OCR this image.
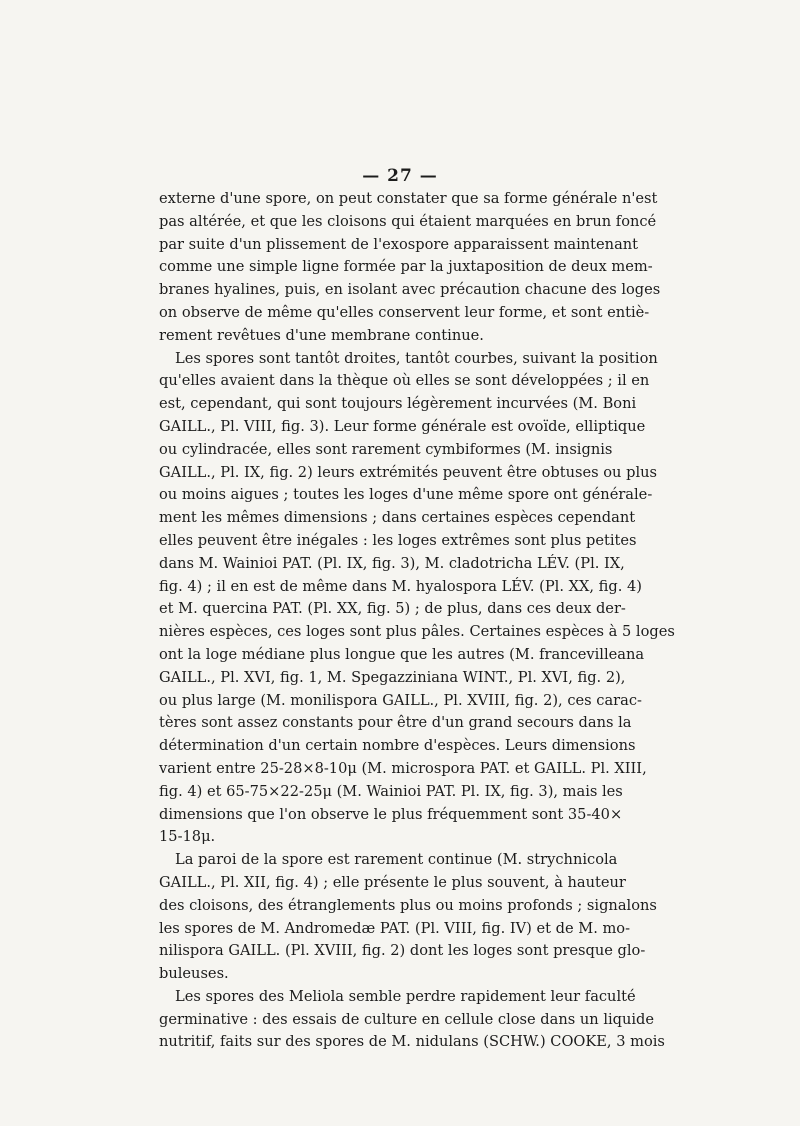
— 27 —
externe d'une spore, on peut constater que sa forme générale n'est
pas altérée, et que les cloisons qui étaient marquées en brun foncé
par suite d'un plissement de l'exospore apparaissent maintenant
comme une simple ligne formée par la juxtaposition de deux mem-
branes hyalines, puis, en isolant avec précaution chacune des loges
on observe de même qu'elles conservent leur forme, et sont entiè-
rement revêtues d'une membrane continue.
Les spores sont tantôt droites, tantôt courbes, suivant la position
qu'elles avaient dans la thèque où elles se sont développées ; il en
est, cependant, qui sont toujours légèrement incurvées (M. Boni
GAILL., Pl. VIII, fig. 3). Leur forme générale est ovoïde, elliptique
ou cylindracée, elles sont rarement cymbiformes (M. insignis
GAILL., Pl. IX, fig. 2) leurs extrémités peuvent être obtuses ou plus
ou moins aigues ; toutes les loges d'une même spore ont générale-
ment les mêmes dimensions ; dans certaines espèces cependant
elles peuvent être inégales : les loges extrêmes sont plus petites
dans M. Wainioi PAT. (Pl. IX, fig. 3), M. cladotricha LÉV. (Pl. IX,
fig. 4) ; il en est de même dans M. hyalospora LÉV. (Pl. XX, fig. 4)
et M. quercina PAT. (Pl. XX, fig. 5) ; de plus, dans ces deux der-
nières espèces, ces loges sont plus pâles. Certaines espèces à 5 loges
ont la loge médiane plus longue que les autres (M. francevilleana
GAILL., Pl. XVI, fig. 1, M. Spegazziniana WINT., Pl. XVI, fig. 2),
ou plus large (M. monilispora GAILL., Pl. XVIII, fig. 2), ces carac-
tères sont assez constants pour être d'un grand secours dans la
détermination d'un certain nombre d'espèces. Leurs dimensions
varient entre 25-28×8-10μ (M. microspora PAT. et GAILL. Pl. XIII,
fig. 4) et 65-75×22-25μ (M. Wainioi PAT. Pl. IX, fig. 3), mais les
dimensions que l'on observe le plus fréquemment sont 35-40×
15-18μ.
La paroi de la spore est rarement continue (M. strychnicola
GAILL., Pl. XII, fig. 4) ; elle présente le plus souvent, à hauteur
des cloisons, des étranglements plus ou moins profonds ; signalons
les spores de M. Andromedæ PAT. (Pl. VIII, fig. IV) et de M. mo-
nilispora GAILL. (Pl. XVIII, fig. 2) dont les loges sont presque glo-
buleuses.
Les spores des Meliola semble perdre rapidement leur faculté
germinative : des essais de culture en cellule close dans un liquide
nutritif, faits sur des spores de M. nidulans (SCHW.) COOKE, 3 mois
